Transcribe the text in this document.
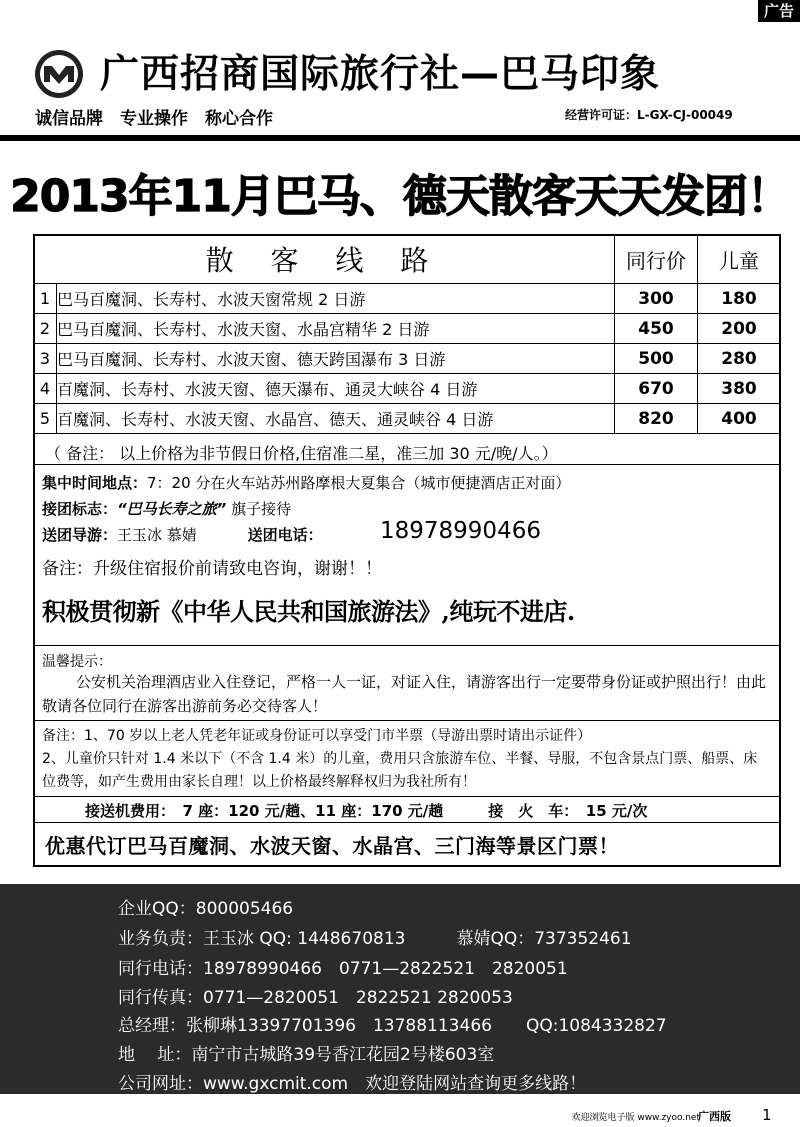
广告
广西招商国际旅行社—巴马印象
诚信品牌　专业操作　称心合作	经营许可证：L-GX-CJ-00049
2013年11月巴马、德天散客天天发团！
散 客 线 路		同行价	儿童
1	巴马百魔洞、长寿村、水波天窗常规 2 日游	300	180
2	巴马百魔洞、长寿村、水波天窗、水晶宫精华 2 日游	450	200
3	巴马百魔洞、长寿村、水波天窗、德天跨国瀑布 3 日游	500	280
4	百魔洞、长寿村、水波天窗、德天瀑布、通灵大峡谷 4 日游	670	380
5	百魔洞、长寿村、水波天窗、水晶宫、德天、通灵峡谷 4 日游	820	400
（ 备注： 以上价格为非节假日价格,住宿准二星，准三加 30 元/晚/人。）
集中时间地点：7：20 分在火车站苏州路摩根大夏集合（城市便捷酒店正对面）
接团标志：“巴马长寿之旅” 旗子接待
送团导游：王玉冰 慕婧	送团电话： 18978990466
备注：升级住宿报价前请致电咨询，谢谢！！
积极贯彻新《中华人民共和国旅游法》,纯玩不进店.
温馨提示：
公安机关治理酒店业入住登记，严格一人一证，对证入住，请游客出行一定要带身份证或护照出行！由此敬请各位同行在游客出游前务必交待客人！
备注：1、70 岁以上老人凭老年证或身份证可以享受门市半票（导游出票时请出示证件）
2、儿童价只针对 1.4 米以下（不含 1.4 米）的儿童，费用只含旅游车位、半餐、导服，不包含景点门票、船票、床位费等，如产生费用由家长自理！以上价格最终解释权归为我社所有！
接送机费用：　7 座：120 元/趟、11 座：170 元/趟　　　接　火　车：　15 元/次
优惠代订巴马百魔洞、水波天窗、水晶宫、三门海等景区门票！
企业QQ：800005466
业务负责：王玉冰 QQ: 1448670813　　　慕婧QQ：737352461
同行电话：18978990466　0771—2822521　2820051
同行传真：0771—2820051　2822521 2820053
总经理：张柳琳13397701396　13788113466　　QQ:1084332827
地　 址：南宁市古城路39号香江花园2号楼603室
公司网址：www.gxcmit.com　欢迎登陆网站查询更多线路！
欢迎浏览电子版 www.zyoo.net
广西版 1
